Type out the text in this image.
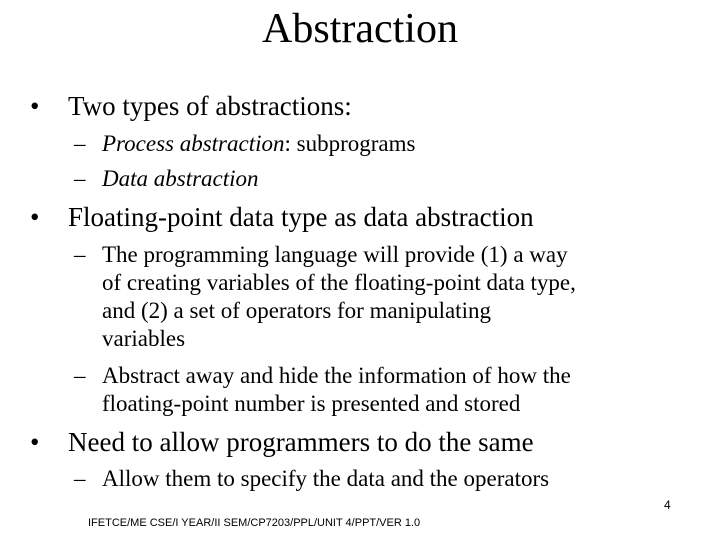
Abstraction
• Two types of abstractions:
– Process abstraction: subprograms
– Data abstraction
• Floating-point data type as data abstraction
– The programming language will provide (1) a way
of creating variables of the floating-point data type,
and (2) a set of operators for manipulating
variables
– Abstract away and hide the information of how the
floating-point number is presented and stored
• Need to allow programmers to do the same
– Allow them to specify the data and the operators
4
IFETCE/ME CSE/I YEAR/II SEM/CP7203/PPL/UNIT 4/PPT/VER 1.0
